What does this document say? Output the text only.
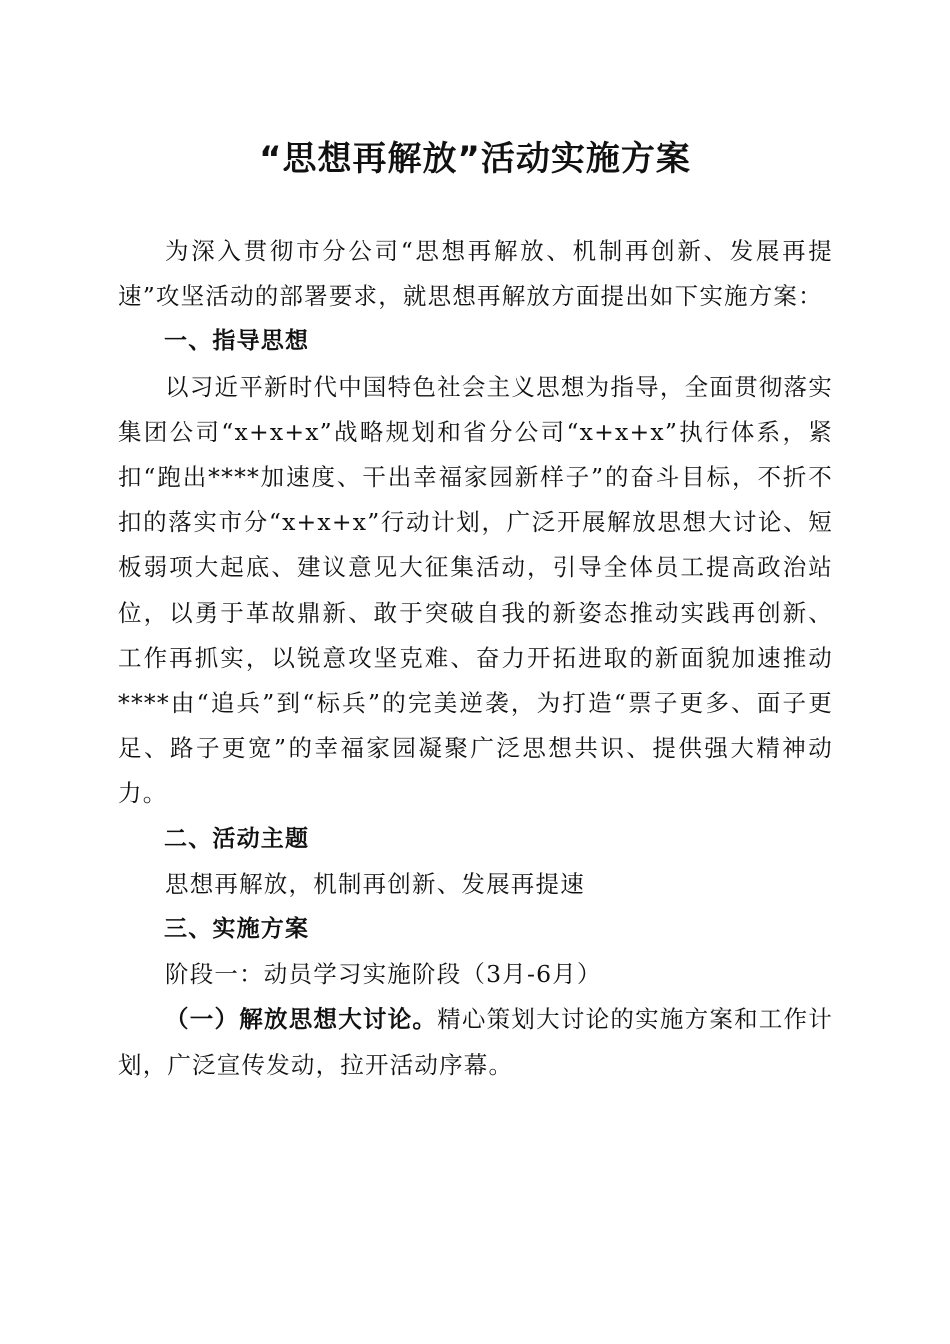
“思想再解放”活动实施方案

为深入贯彻市分公司“思想再解放、机制再创新、发展再提速”攻坚活动的部署要求，就思想再解放方面提出如下实施方案：

一、指导思想

以习近平新时代中国特色社会主义思想为指导，全面贯彻落实集团公司“x+x+x”战略规划和省分公司“x+x+x”执行体系，紧扣“跑出****加速度、干出幸福家园新样子”的奋斗目标，不折不扣的落实市分“x+x+x”行动计划，广泛开展解放思想大讨论、短板弱项大起底、建议意见大征集活动，引导全体员工提高政治站位，以勇于革故鼎新、敢于突破自我的新姿态推动实践再创新、工作再抓实，以锐意攻坚克难、奋力开拓进取的新面貌加速推动****由“追兵”到“标兵”的完美逆袭，为打造“票子更多、面子更足、路子更宽”的幸福家园凝聚广泛思想共识、提供强大精神动力。

二、活动主题

思想再解放，机制再创新、发展再提速

三、实施方案

阶段一：动员学习实施阶段（3月-6月）

（一）解放思想大讨论。精心策划大讨论的实施方案和工作计划，广泛宣传发动，拉开活动序幕。
